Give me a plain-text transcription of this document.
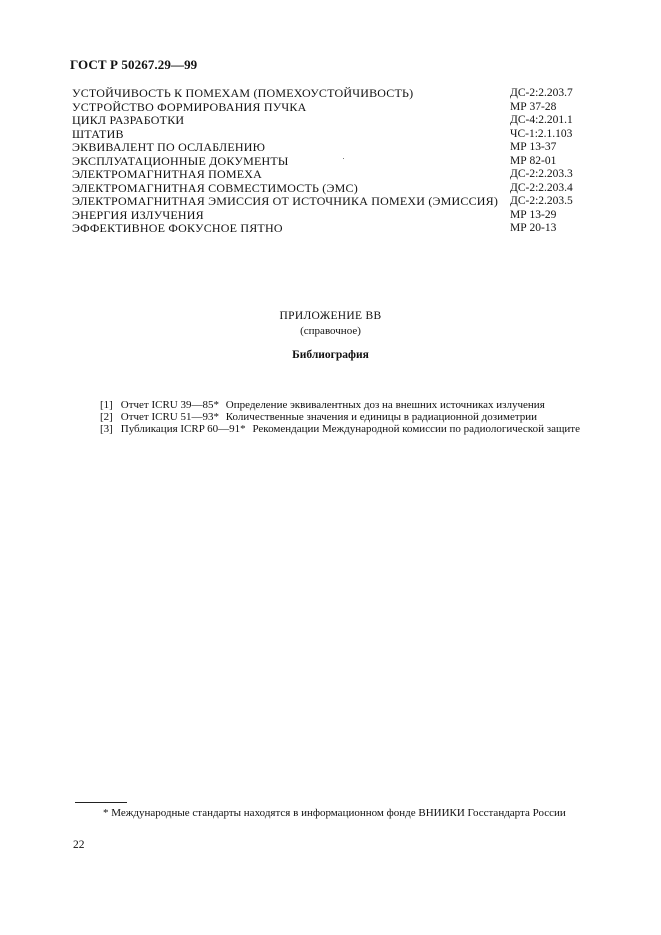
ГОСТ Р 50267.29—99
УСТОЙЧИВОСТЬ К ПОМЕХАМ (ПОМЕХОУСТОЙЧИВОСТЬ)	ДС-2:2.203.7
УСТРОЙСТВО ФОРМИРОВАНИЯ ПУЧКА	МР 37-28
ЦИКЛ РАЗРАБОТКИ	ДС-4:2.201.1
ШТАТИВ	ЧС-1:2.1.103
ЭКВИВАЛЕНТ ПО ОСЛАБЛЕНИЮ	МР 13-37
ЭКСПЛУАТАЦИОННЫЕ ДОКУМЕНТЫ	МР 82-01
ЭЛЕКТРОМАГНИТНАЯ ПОМЕХА	ДС-2:2.203.3
ЭЛЕКТРОМАГНИТНАЯ СОВМЕСТИМОСТЬ (ЭМС)	ДС-2:2.203.4
ЭЛЕКТРОМАГНИТНАЯ ЭМИССИЯ ОТ ИСТОЧНИКА ПОМЕХИ (ЭМИССИЯ)	ДС-2:2.203.5
ЭНЕРГИЯ ИЗЛУЧЕНИЯ	МР 13-29
ЭФФЕКТИВНОЕ ФОКУСНОЕ ПЯТНО	МР 20-13
ПРИЛОЖЕНИЕ ВВ
(справочное)
Библиография
[1] Отчет ICRU 39—85* Определение эквивалентных доз на внешних источниках излучения
[2] Отчет ICRU 51—93* Количественные значения и единицы в радиационной дозиметрии
[3] Публикация ICRP 60—91* Рекомендации Международной комиссии по радиологической защите
* Международные стандарты находятся в информационном фонде ВНИИКИ Госстандарта России
22
